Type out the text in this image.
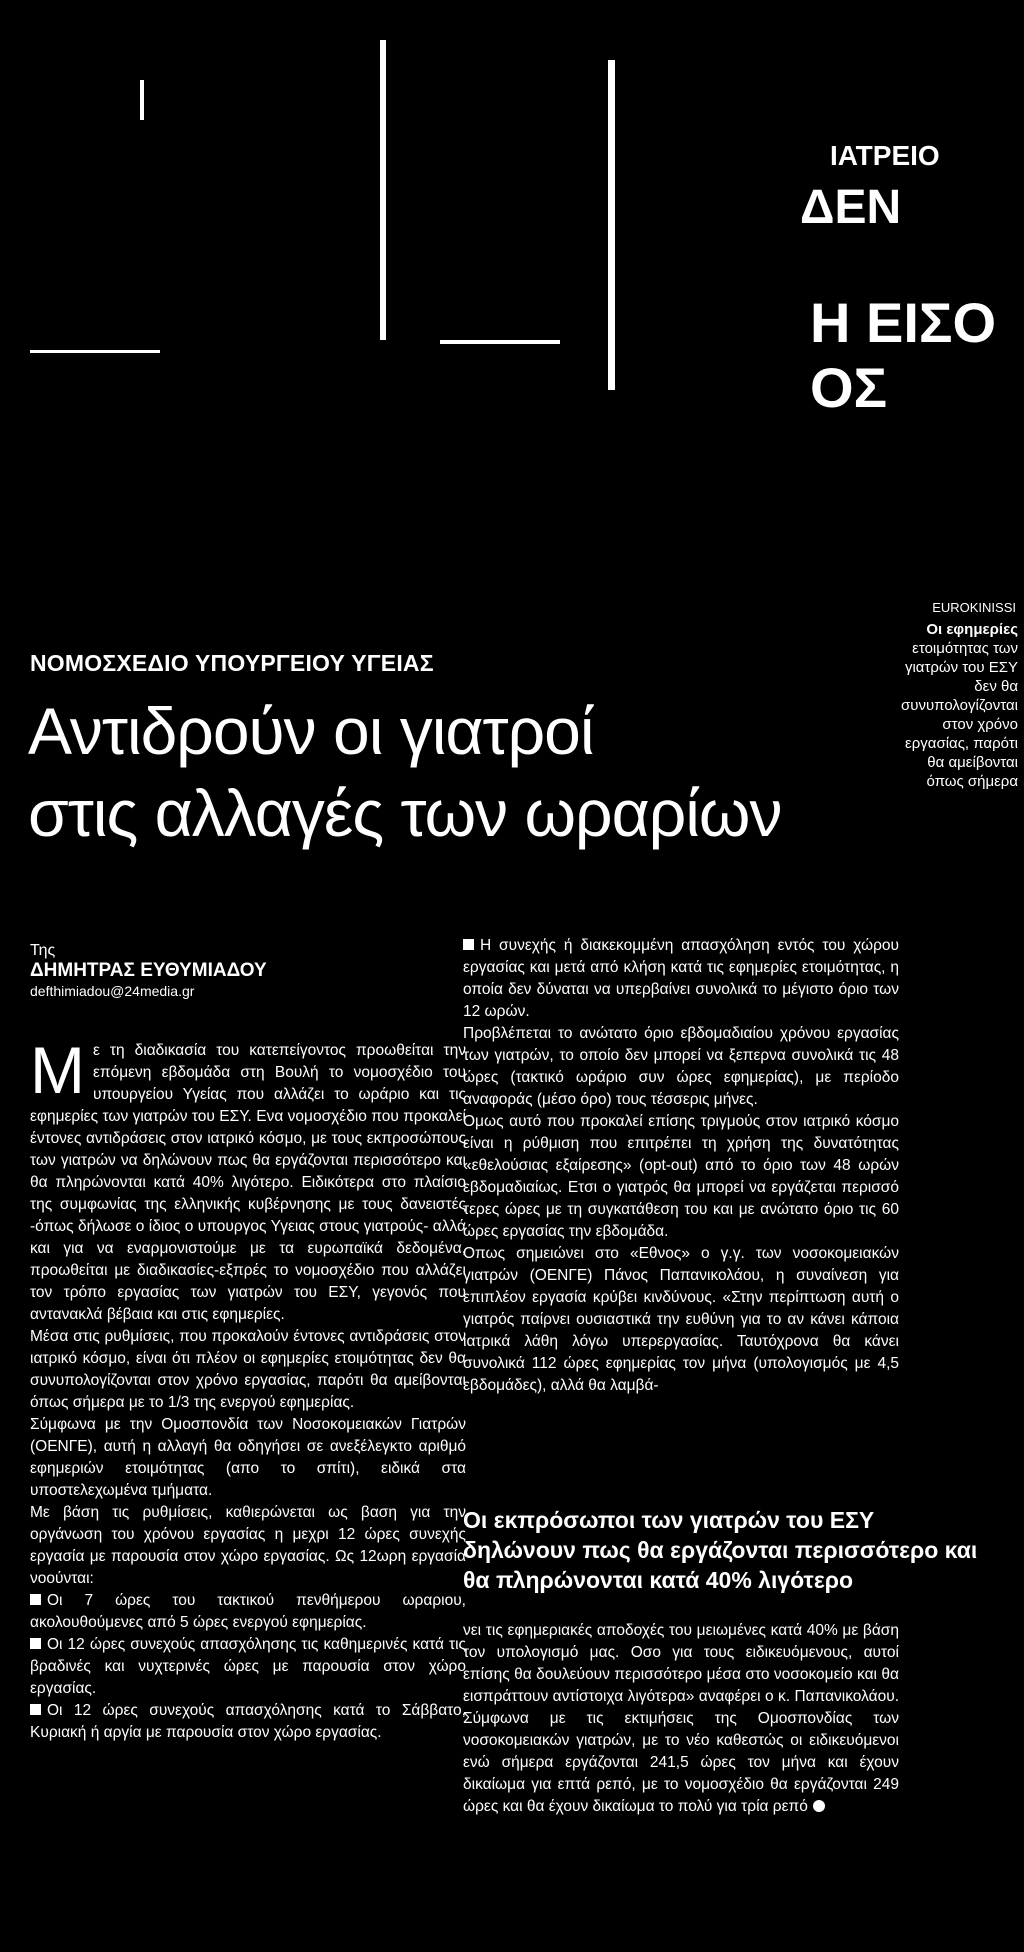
ΙΑΤΡΕΙΟ
ΔΕΝ
Η ΕΙΣΟ ΟΣ
EUROKINISSI
ΝΟΜΟΣΧΕΔΙΟ ΥΠΟΥΡΓΕΙΟΥ ΥΓΕΙΑΣ
Αντιδρούν οι γιατροί
στις αλλαγές των ωραρίων
Οι εφημερίες ετοιμότητας των γιατρών του ΕΣΥ δεν θα συνυπολογίζονται στον χρόνο εργασίας, παρότι θα αμείβονται όπως σήμερα
Της
ΔΗΜΗΤΡΑΣ ΕΥΘΥΜΙΑΔΟΥ
defthimiadou@24media.gr

Με τη διαδικασία του κατεπείγοντος προωθείται την επόμενη εβδομάδα στη Βουλή το νομοσχέδιο του υπουργείου Υγείας που αλλάζει το ωράριο και τις εφημερίες των γιατρών του ΕΣΥ. Ενα νομοσχέδιο που προκαλεί έντονες αντιδράσεις στον ιατρικό κόσμο, με τους εκπροσώπους των γιατρών να δηλώνουν πως θα εργάζονται περισσότερο και θα πληρώνονται κατά 40% λιγότερο. Ειδικότερα στο πλαίσιο της συμφωνίας της ελληνικής κυβέρνησης με τους δανειστές -όπως δήλωσε ο ίδιος ο υπουργος Υγειας στους γιατρούς- αλλά και για να εναρμονιστούμε με τα ευρωπαϊκά δεδομένα, προωθείται με διαδικασίες-εξπρές το νομοσχέδιο που αλλάζει τον τρόπο εργασίας των γιατρών του ΕΣΥ, γεγονός που αντανακλά βέβαια και στις εφημερίες.

Μέσα στις ρυθμίσεις, που προκαλούν έντονες αντιδράσεις στον ιατρικό κόσμο, είναι ότι πλέον οι εφημερίες ετοιμότητας δεν θα συνυπολογίζονται στον χρόνο εργασίας, παρότι θα αμείβονται όπως σήμερα με το 1/3 της ενεργού εφημερίας.

Σύμφωνα με την Ομοσπονδία των Νοσοκομειακών Γιατρών (ΟΕΝΓΕ), αυτή η αλλαγή θα οδηγήσει σε ανεξέλεγκτο αριθμό εφημεριών ετοιμότητας (απο το σπίτι), ειδικά στα υποστελεχωμένα τμήματα.

Με βάση τις ρυθμίσεις, καθιερώνεται ως βαση για την οργάνωση του χρόνου εργασίας η μεχρι 12 ώρες συνεχής εργασία με παρουσία στον χώρο εργασίας. Ως 12ωρη εργασία νοούνται:

Οι 7 ώρες του τακτικού πενθήμερου ωραριου, ακολουθούμενες από 5 ώρες ενεργού εφημερίας.

Οι 12 ώρες συνεχούς απασχόλησης τις καθημερινές κατά τις βραδινές και νυχτερινές ώρες με παρουσία στον χώρο εργασίας.

Οι 12 ώρες συνεχούς απασχόλησης κατά το Σάββατο, Κυριακή ή αργία με παρουσία στον χώρο εργασίας.

Η συνεχής ή διακεκομμένη απασχόληση εντός του χώρου εργασίας και μετά από κλήση κατά τις εφημερίες ετοιμότητας, η οποία δεν δύναται να υπερβαίνει συνολικά το μέγιστο όριο των 12 ωρών.

Προβλέπεται το ανώτατο όριο εβδομαδιαίου χρόνου εργασίας των γιατρών, το οποίο δεν μπορεί να ξεπερνα συνολικά τις 48 ώρες (τακτικό ωράριο συν ώρες εφημερίας), με περίοδο αναφοράς (μέσο όρο) τους τέσσερις μήνες.

Ομως αυτό που προκαλεί επίσης τριγμούς στον ιατρικό κόσμο είναι η ρύθμιση που επιτρέπει τη χρήση της δυνατότητας «εθελούσιας εξαίρεσης» (opt-out) από το όριο των 48 ωρών εβδομαδιαίως. Ετσι ο γιατρός θα μπορεί να εργάζεται περισσό τερες ώρες με τη συγκατάθεση του και με ανώτατο όριο τις 60 ώρες εργασίας την εβδομάδα.

Οπως σημειώνει στο «Εθνος» ο γ.γ. των νοσοκομειακών γιατρών (ΟΕΝΓΕ) Πάνος Παπανικολάου, η συναίνεση για επιπλέον εργασία κρύβει κινδύνους. «Στην περίπτωση αυτή ο γιατρός παίρνει ουσιαστικά την ευθύνη για το αν κάνει κάποια ιατρικά λάθη λόγω υπερεργασίας. Ταυτόχρονα θα κάνει συνολικά 112 ώρες εφημερίας τον μήνα (υπολογισμός με 4,5 εβδομάδες), αλλά θα λαμβά-

Οι εκπρόσωποι των γιατρών του ΕΣΥ δηλώνουν πως θα εργάζονται περισσότερο και θα πληρώνονται κατά 40% λιγότερο

νει τις εφημεριακές αποδοχές του μειωμένες κατά 40% με βάση τον υπολογισμό μας. Οσο για τους ειδικευόμενους, αυτοί επίσης θα δουλεύουν περισσότερο μέσα στο νοσοκομείο και θα εισπράττουν αντίστοιχα λιγότερα» αναφέρει ο κ. Παπανικολάου. Σύμφωνα με τις εκτιμήσεις της Ομοσπονδίας των νοσοκομειακών γιατρών, με το νέο καθεστώς οι ειδικευόμενοι ενώ σήμερα εργάζονται 241,5 ώρες τον μήνα και έχουν δικαίωμα για επτά ρεπό, με το νομοσχέδιο θα εργάζονται 249 ώρες και θα έχουν δικαίωμα το πολύ για τρία ρεπό
